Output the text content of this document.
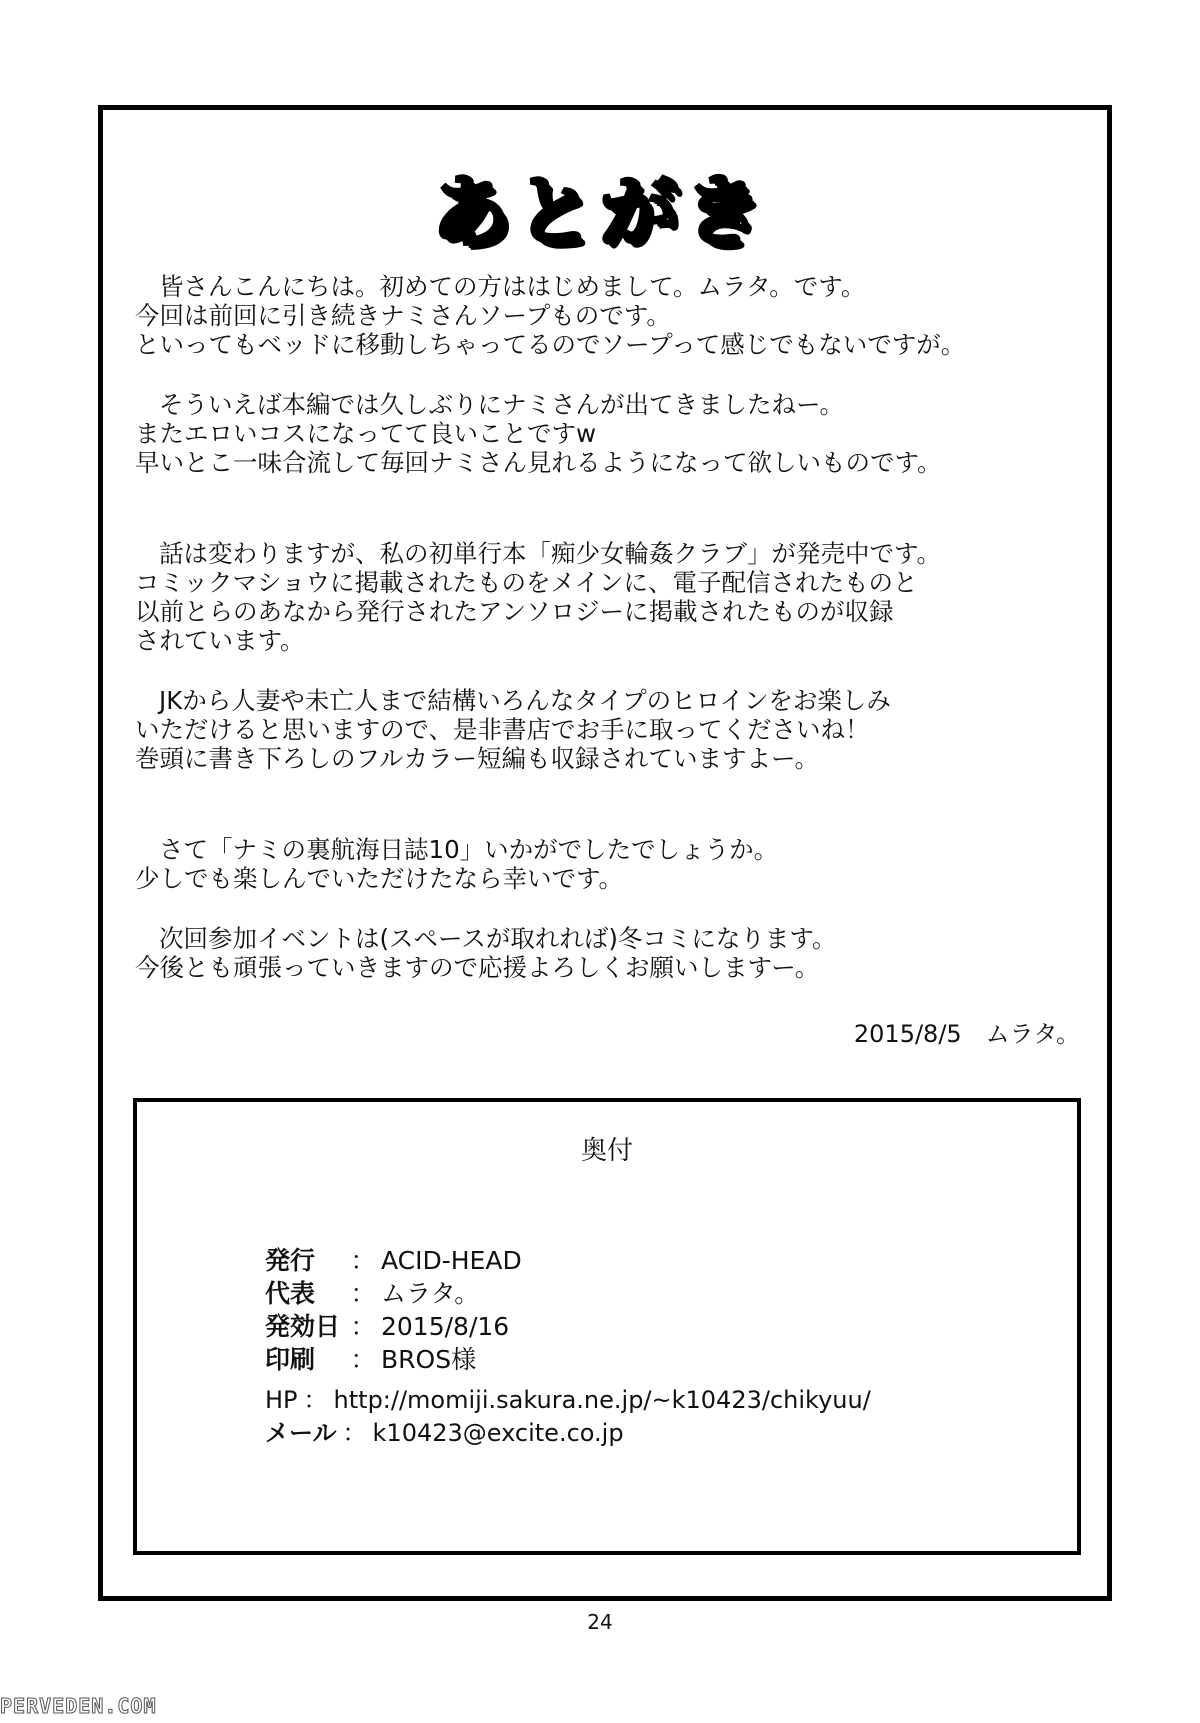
あとがき

皆さんこんにちは。初めての方ははじめまして。ムラタ。です。

今回は前回に引き続きナミさんソープものです。

といってもベッドに移動しちゃってるのでソープって感じでもないですが。

そういえば本編では久しぶりにナミさんが出てきましたねー。

またエロいコスになってて良いことですw

早いとこ一味合流して毎回ナミさん見れるようになって欲しいものです。

話は変わりますが、私の初単行本「痴少女輪姦クラブ」が発売中です。

コミックマショウに掲載されたものをメインに、電子配信されたものと

以前とらのあなから発行されたアンソロジーに掲載されたものが収録

されています。

JKから人妻や未亡人まで結構いろんなタイプのヒロインをお楽しみ

いただけると思いますので、是非書店でお手に取ってくださいね！

巻頭に書き下ろしのフルカラー短編も収録されていますよー。

さて「ナミの裏航海日誌10」いかがでしたでしょうか。

少しでも楽しんでいただけたなら幸いです。

次回参加イベントは(スペースが取れれば)冬コミになります。

今後とも頑張っていきますので応援よろしくお願いしますー。

2015/8/5　ムラタ。
奥付
発行 ： ACID-HEAD
代表 ： ムラタ。
発効日 ： 2015/8/16
印刷 ： BROS様
HP ： http://momiji.sakura.ne.jp/~k10423/chikyuu/
メール ： k10423@excite.co.jp
24
PERVEDEN.COM
